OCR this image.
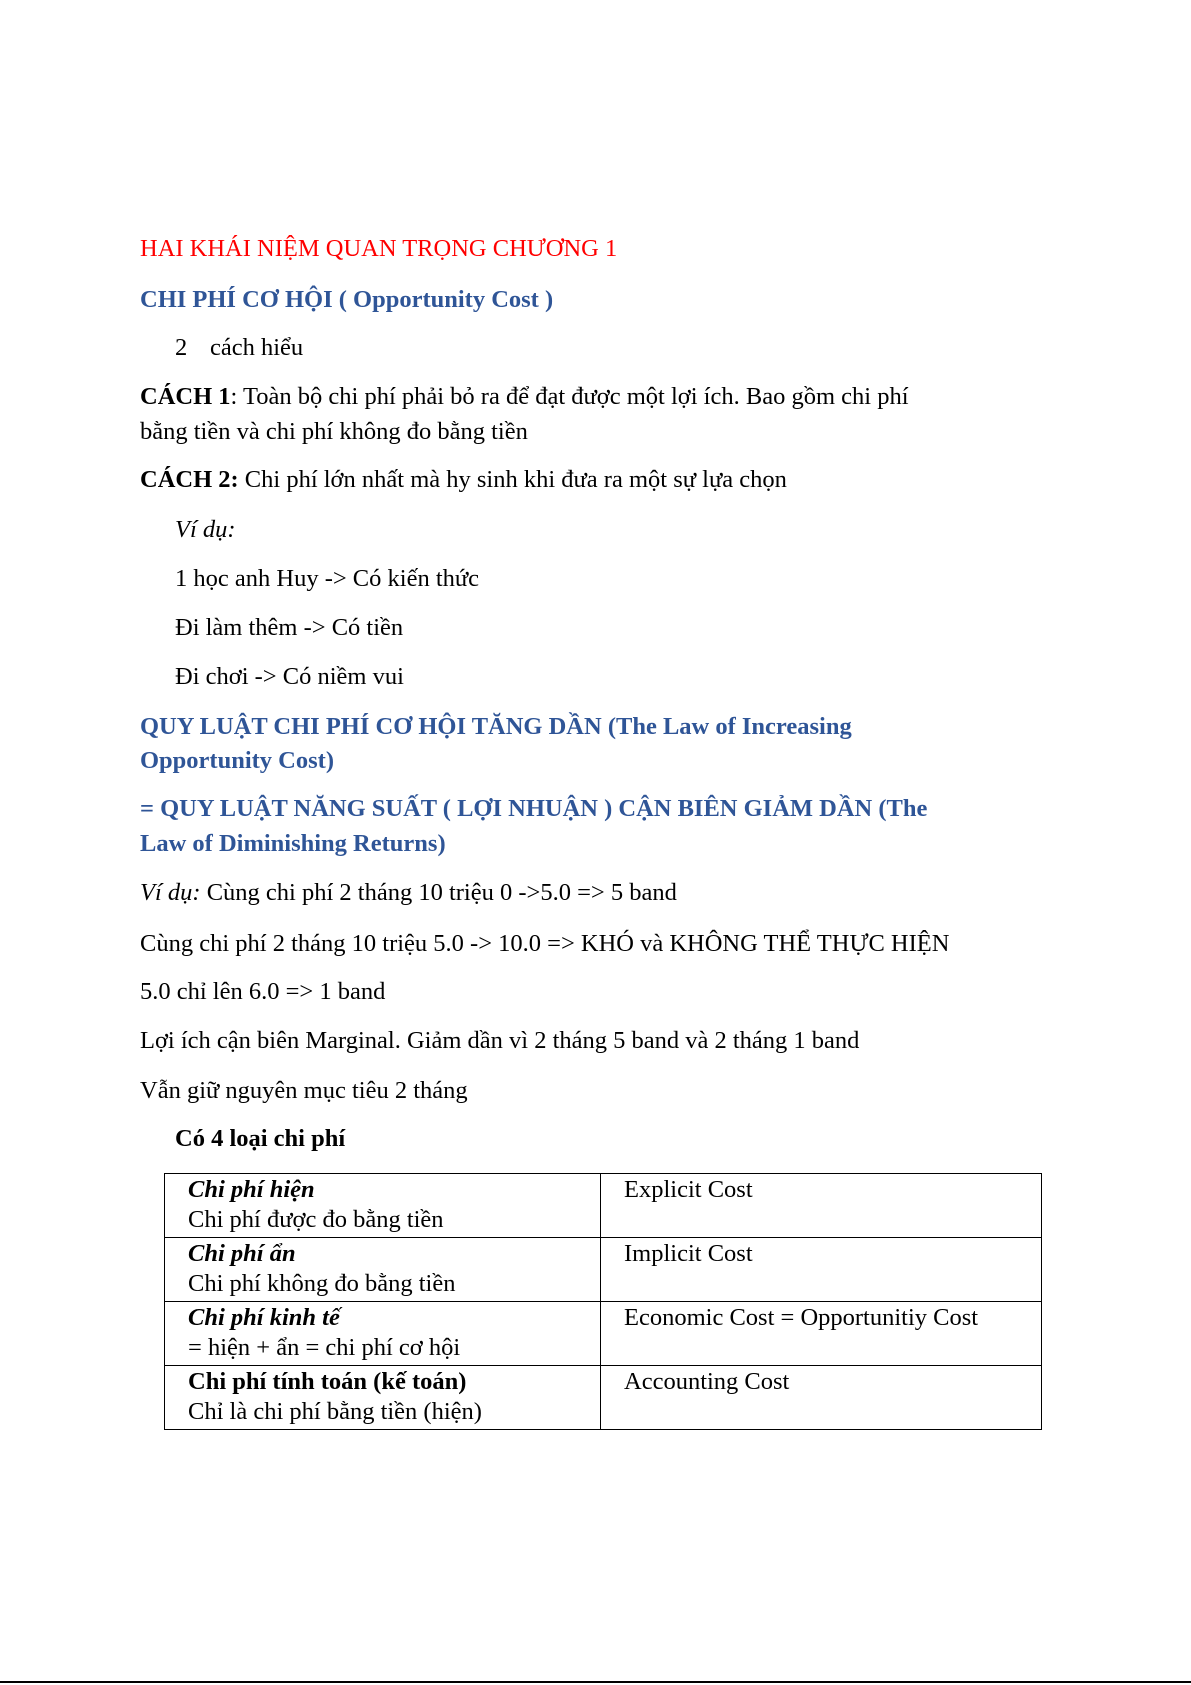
HAI KHÁI NIỆM QUAN TRỌNG CHƯƠNG 1
CHI PHÍ CƠ HỘI ( Opportunity Cost )
2 cách hiểu
CÁCH 1: Toàn bộ chi phí phải bỏ ra để đạt được một lợi ích. Bao gồm chi phí
bằng tiền và chi phí không đo bằng tiền
CÁCH 2: Chi phí lớn nhất mà hy sinh khi đưa ra một sự lựa chọn
Ví dụ:
1 học anh Huy -> Có kiến thức
Đi làm thêm -> Có tiền
Đi chơi -> Có niềm vui
QUY LUẬT CHI PHÍ CƠ HỘI TĂNG DẦN (The Law of Increasing
Opportunity Cost)
= QUY LUẬT NĂNG SUẤT ( LỢI NHUẬN ) CẬN BIÊN GIẢM DẦN (The
Law of Diminishing Returns)
Ví dụ: Cùng chi phí 2 tháng 10 triệu 0 ->5.0 => 5 band
Cùng chi phí 2 tháng 10 triệu 5.0 -> 10.0 => KHÓ và KHÔNG THỂ THỰC HIỆN
5.0 chỉ lên 6.0 => 1 band
Lợi ích cận biên Marginal. Giảm dần vì 2 tháng 5 band và 2 tháng 1 band
Vẫn giữ nguyên mục tiêu 2 tháng
Có 4 loại chi phí
Chi phí hiện
Chi phí được đo bằng tiền	Explicit Cost

Chi phí ẩn
Chi phí không đo bằng tiền	Implicit Cost

Chi phí kinh tế
= hiện + ẩn = chi phí cơ hội	Economic Cost = Opportunitiy Cost

Chi phí tính toán (kế toán)
Chỉ là chi phí bằng tiền (hiện)	Accounting Cost
